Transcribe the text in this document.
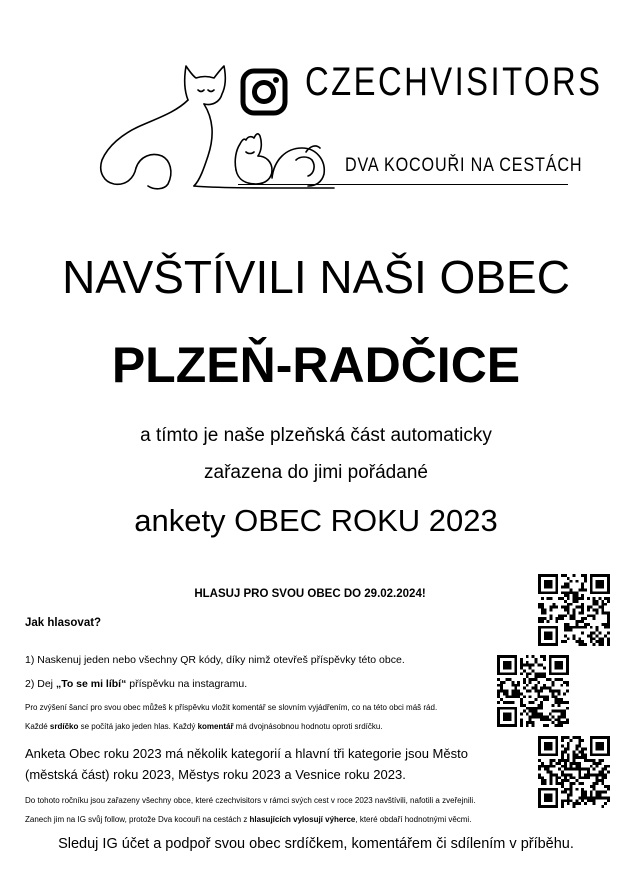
CZECHVISITORS
DVA KOCOUŘI NA CESTÁCH
NAVŠTÍVILI NAŠI OBEC
PLZEŇ-RADČICE
a tímto je naše plzeňská část automaticky
zařazena do jimi pořádané
ankety OBEC ROKU 2023
HLASUJ PRO SVOU OBEC DO 29.02.2024!
Jak hlasovat?
1) Naskenuj jeden nebo všechny QR kódy, díky nimž otevřeš příspěvky této obce.
2) Dej „To se mi líbí“ příspěvku na instagramu.
Pro zvýšení šancí pro svou obec můžeš k příspěvku vložit komentář se slovním vyjádřením, co na této obci máš rád.
Každé srdíčko se počítá jako jeden hlas. Každý komentář má dvojnásobnou hodnotu oproti srdíčku.
Anketa Obec roku 2023 má několik kategorií a hlavní tři kategorie jsou Město (městská část) roku 2023, Městys roku 2023 a Vesnice roku 2023.
Do tohoto ročníku jsou zařazeny všechny obce, které czechvisitors v rámci svých cest v roce 2023 navštívili, nafotili a zveřejnili.
Zanech jim na IG svůj follow, protože Dva kocouři na cestách z hlasujících vylosují výherce, které obdaří hodnotnými věcmi.
Sleduj IG účet a podpoř svou obec srdíčkem, komentářem či sdílením v příběhu.
